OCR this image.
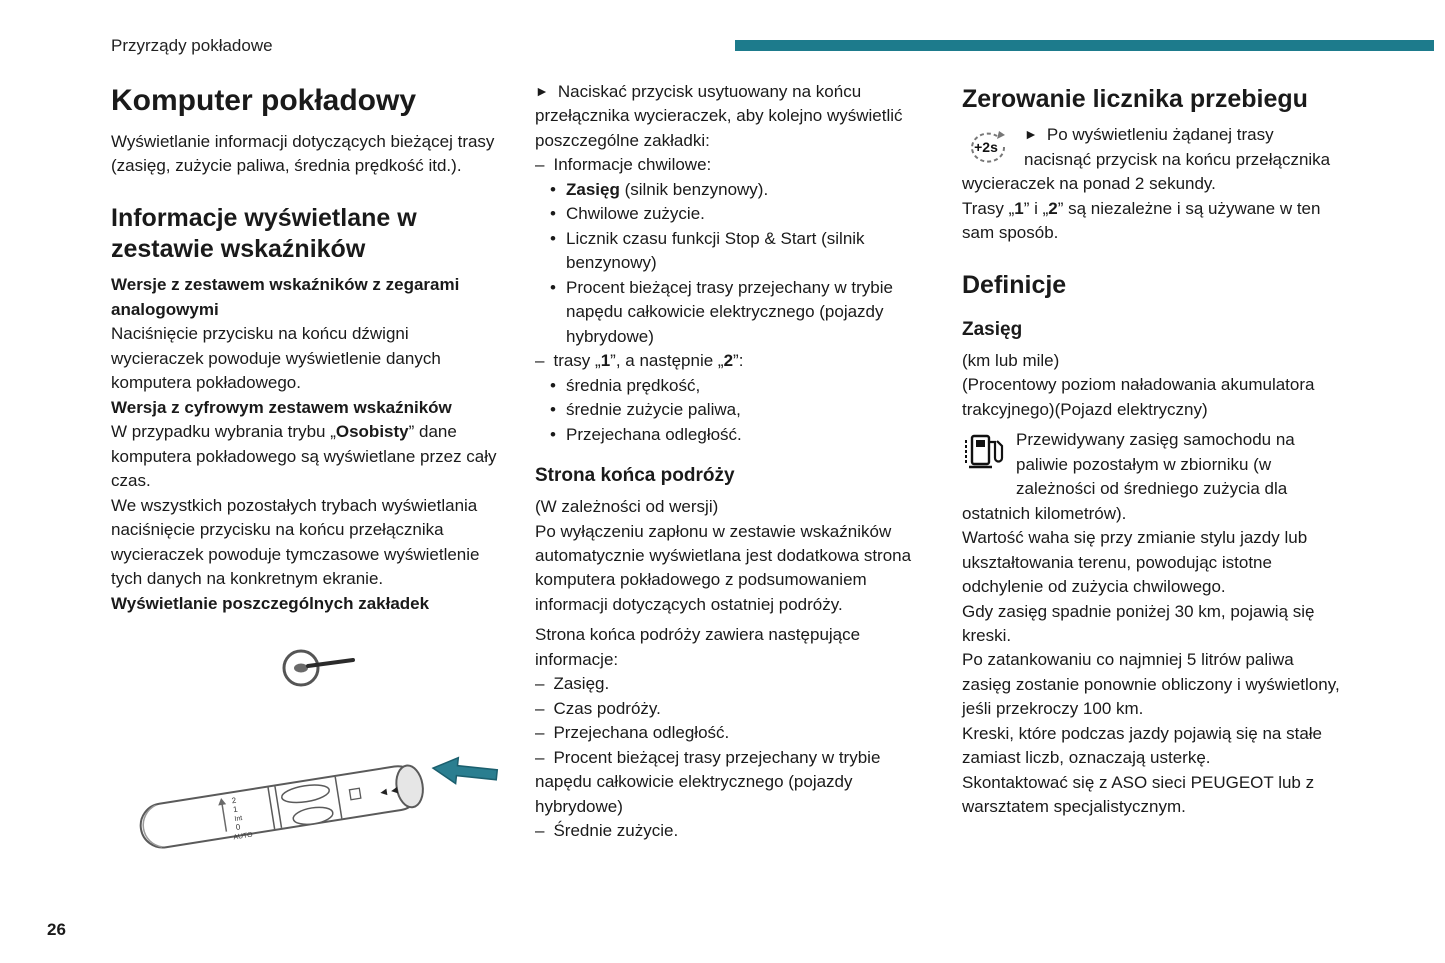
Przyrządy pokładowe
Komputer pokładowy

Wyświetlanie informacji dotyczących bieżącej trasy (zasięg, zużycie paliwa, średnia prędkość itd.).

Informacje wyświetlane w zestawie wskaźników

Wersje z zestawem wskaźników z zegarami analogowymi

Naciśnięcie przycisku na końcu dźwigni wycieraczek powoduje wyświetlenie danych komputera pokładowego.

Wersja z cyfrowym zestawem wskaźników

W przypadku wybrania trybu „Osobisty” dane komputera pokładowego są wyświetlane przez cały czas.

We wszystkich pozostałych trybach wyświetlania naciśnięcie przycisku na końcu przełącznika wycieraczek powoduje tymczasowe wyświetlenie tych danych na konkretnym ekranie.

Wyświetlanie poszczególnych zakładek

2
1
Int
0
AUTO
◄◄

► Naciskać przycisk usytuowany na końcu przełącznika wycieraczek, aby kolejno wyświetlić poszczególne zakładki:

– Informacje chwilowe:

• Zasięg (silnik benzynowy).

• Chwilowe zużycie.

• Licznik czasu funkcji Stop & Start (silnik benzynowy)

• Procent bieżącej trasy przejechany w trybie napędu całkowicie elektrycznego (pojazdy hybrydowe)

– trasy „1”, a następnie „2”:

• średnia prędkość,

• średnie zużycie paliwa,

• Przejechana odległość.

Strona końca podróży

(W zależności od wersji)

Po wyłączeniu zapłonu w zestawie wskaźników automatycznie wyświetlana jest dodatkowa strona komputera pokładowego z podsumowaniem informacji dotyczących ostatniej podróży.

Strona końca podróży zawiera następujące informacje:

– Zasięg.

– Czas podróży.

– Przejechana odległość.

– Procent bieżącej trasy przejechany w trybie napędu całkowicie elektrycznego (pojazdy hybrydowe)

– Średnie zużycie.

Zerowanie licznika przebiegu
+2s

► Po wyświetleniu żądanej trasy nacisnąć przycisk na końcu przełącznika wycieraczek na ponad 2 sekundy.

Trasy „1” i „2” są niezależne i są używane w ten sam sposób.

Definicje
Zasięg

(km lub mile)

(Procentowy poziom naładowania akumulatora trakcyjnego)(Pojazd elektryczny)

Przewidywany zasięg samochodu na paliwie pozostałym w zbiorniku (w zależności od średniego zużycia dla ostatnich kilometrów).

Wartość waha się przy zmianie stylu jazdy lub ukształtowania terenu, powodując istotne odchylenie od zużycia chwilowego.

Gdy zasięg spadnie poniżej 30 km, pojawią się kreski.

Po zatankowaniu co najmniej 5 litrów paliwa zasięg zostanie ponownie obliczony i wyświetlony, jeśli przekroczy 100 km.

Kreski, które podczas jazdy pojawią się na stałe zamiast liczb, oznaczają usterkę.

Skontaktować się z ASO sieci PEUGEOT lub z warsztatem specjalistycznym.

26
